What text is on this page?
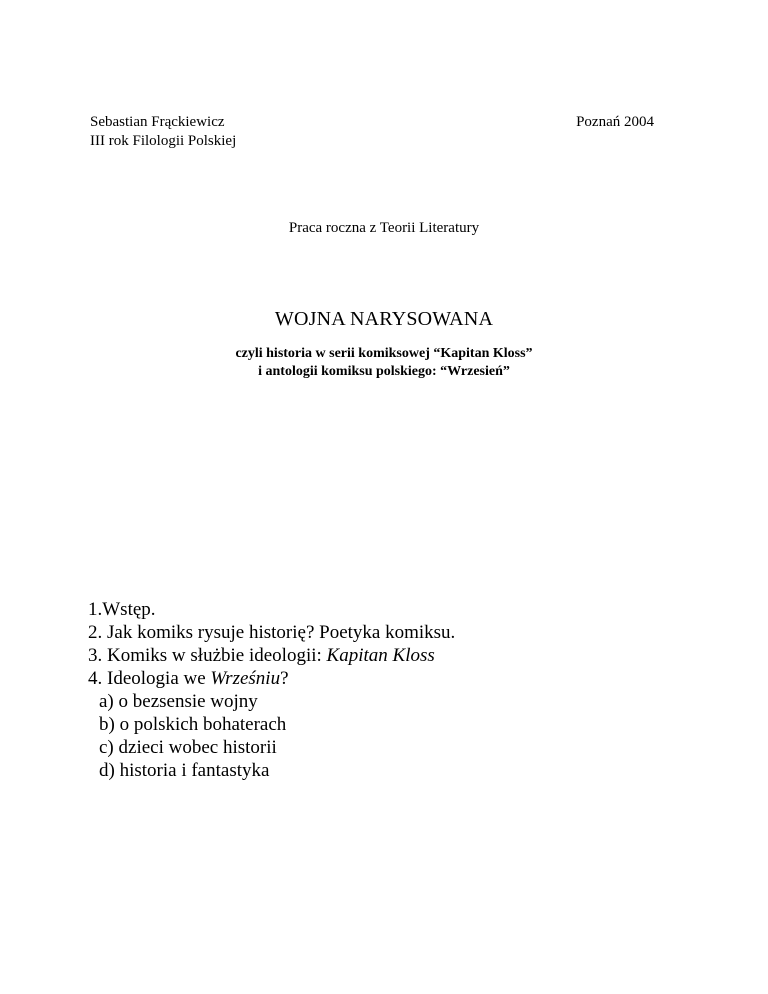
Sebastian Frąckiewicz
III rok Filologii Polskiej
Poznań 2004
Praca roczna z Teorii Literatury
WOJNA NARYSOWANA
czyli historia w serii komiksowej “Kapitan Kloss”
i antologii komiksu polskiego: “Wrzesień”
1.Wstęp.
2. Jak komiks rysuje historię? Poetyka komiksu.
3. Komiks w służbie ideologii: Kapitan Kloss
4. Ideologia we Wrześniu?
a) o bezsensie wojny
b) o polskich bohaterach
c) dzieci wobec historii
d) historia i fantastyka
